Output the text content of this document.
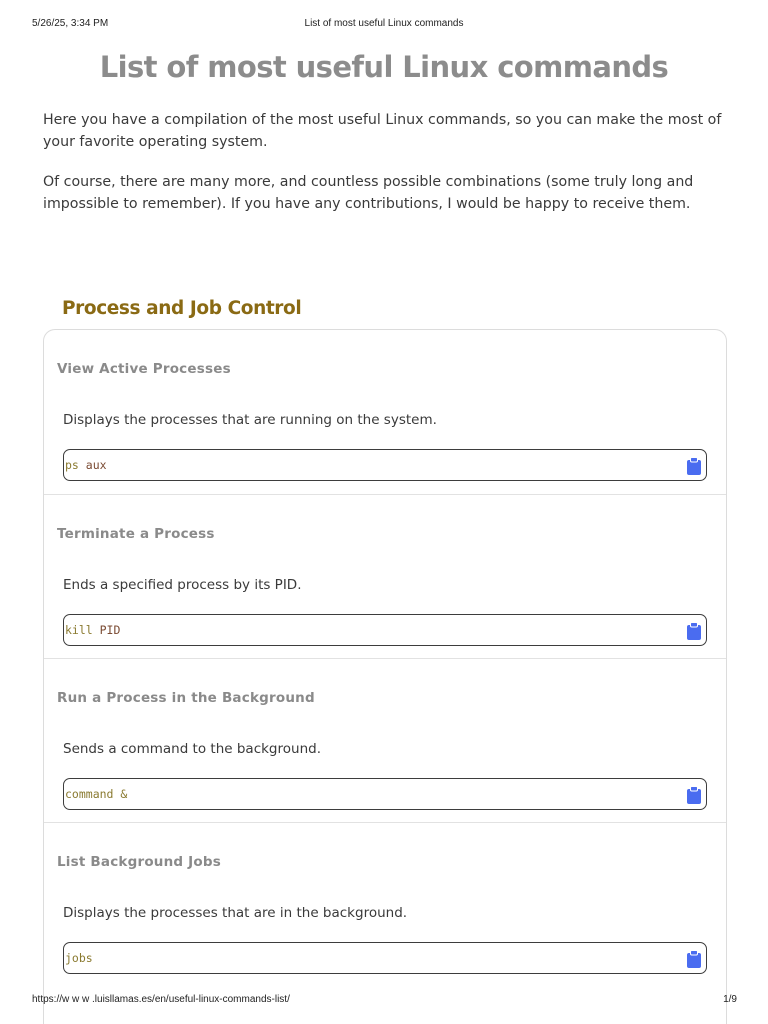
5/26/25, 3:34 PM	List of most useful Linux commands
List of most useful Linux commands

Here you have a compilation of the most useful Linux commands, so you can make the most of your favorite operating system.

Of course, there are many more, and countless possible combinations (some truly long and impossible to remember). If you have any contributions, I would be happy to receive them.

Process and Job Control
View Active Processes
Displays the processes that are running on the system.
ps aux
Terminate a Process
Ends a specified process by its PID.
kill PID
Run a Process in the Background
Sends a command to the background.
command &
List Background Jobs
Displays the processes that are in the background.
jobs
https://w w w .luisllamas.es/en/useful-linux-commands-list/	1/9
